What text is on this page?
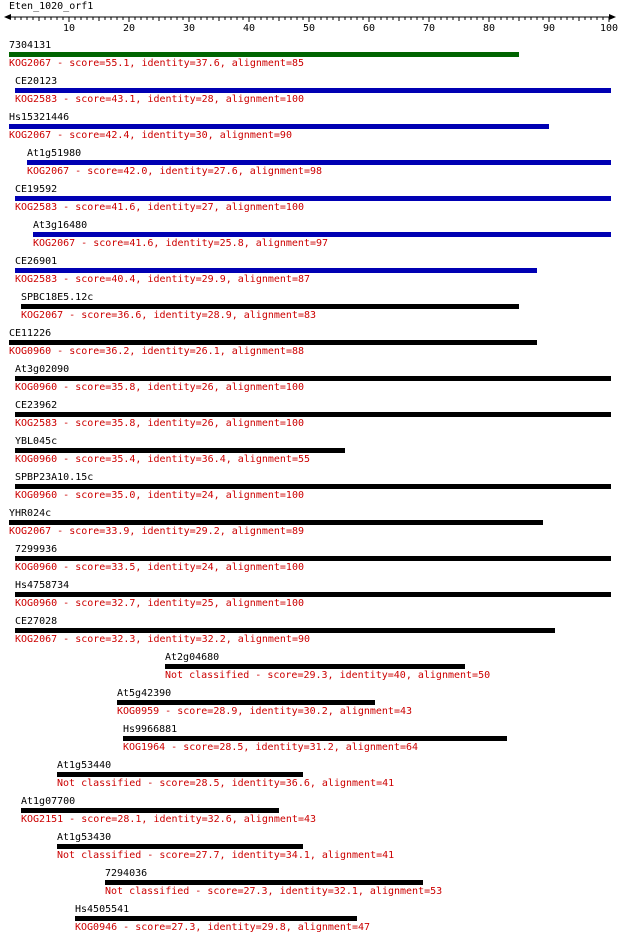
Eten_1020_orf1
10	20	30	40	50	60	70	80	90	100
7304131
KOG2067 - score=55.1, identity=37.6, alignment=85
CE20123
KOG2583 - score=43.1, identity=28, alignment=100
Hs15321446
KOG2067 - score=42.4, identity=30, alignment=90
At1g51980
KOG2067 - score=42.0, identity=27.6, alignment=98
CE19592
KOG2583 - score=41.6, identity=27, alignment=100
At3g16480
KOG2067 - score=41.6, identity=25.8, alignment=97
CE26901
KOG2583 - score=40.4, identity=29.9, alignment=87
SPBC18E5.12c
KOG2067 - score=36.6, identity=28.9, alignment=83
CE11226
KOG0960 - score=36.2, identity=26.1, alignment=88
At3g02090
KOG0960 - score=35.8, identity=26, alignment=100
CE23962
KOG2583 - score=35.8, identity=26, alignment=100
YBL045c
KOG0960 - score=35.4, identity=36.4, alignment=55
SPBP23A10.15c
KOG0960 - score=35.0, identity=24, alignment=100
YHR024c
KOG2067 - score=33.9, identity=29.2, alignment=89
7299936
KOG0960 - score=33.5, identity=24, alignment=100
Hs4758734
KOG0960 - score=32.7, identity=25, alignment=100
CE27028
KOG2067 - score=32.3, identity=32.2, alignment=90
At2g04680
Not classified - score=29.3, identity=40, alignment=50
At5g42390
KOG0959 - score=28.9, identity=30.2, alignment=43
Hs9966881
KOG1964 - score=28.5, identity=31.2, alignment=64
At1g53440
Not classified - score=28.5, identity=36.6, alignment=41
At1g07700
KOG2151 - score=28.1, identity=32.6, alignment=43
At1g53430
Not classified - score=27.7, identity=34.1, alignment=41
7294036
Not classified - score=27.3, identity=32.1, alignment=53
Hs4505541
KOG0946 - score=27.3, identity=29.8, alignment=47
